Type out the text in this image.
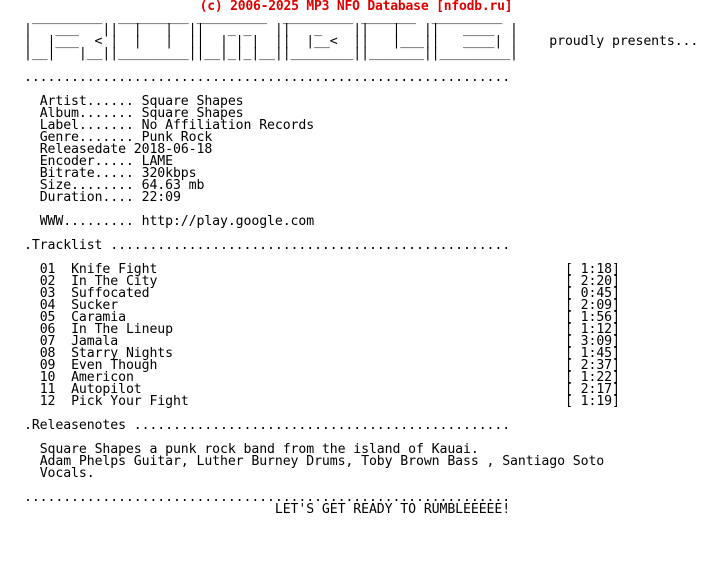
(c) 2006-2025 MP3 NFO Database [nfodb.ru]
_________  _________ _________  _________ _______  _________
|   ___   ||  |   |  ||   _ _   ||   _    ||   |   ||   ____  |
|  |___  < |  |   |  ||  | | |  ||  |__<  ||   |___||   ____| | proudly presents...
|__|   |__||_________||__|_|_|__||________||_______||_________|

..............................................................

Artist...... Square Shapes
Album....... Square Shapes
Label....... No Affiliation Records
Genre....... Punk Rock
Releasedate 2018-06-18
Encoder..... LAME
Bitrate..... 320kbps
Size........ 64.63 mb
Duration.... 22:09

WWW......... http://play.google.com

.Tracklist ...................................................

01 Knife Fight	[ 1:18]
02 In The City	[ 2:20]
03 Suffocated	[ 0:45]
04 Sucker	[ 2:09]
05 Caramia	[ 1:56]
06 In The Lineup	[ 1:12]
07 Jamala	[ 3:09]
08 Starry Nights	[ 1:45]
09 Even Though	[ 2:37]
10 Americon	[ 1:22]
11 Autopilot	[ 2:17]
12 Pick Your Fight	[ 1:19]

.Releasenotes ................................................

Square Shapes a punk rock band from the island of Kauai.
Adam Phelps Guitar, Luther Burney Drums, Toby Brown Bass , Santiago Soto
Vocals.

..............................................................
LET'S GET READY TO RUMBLEEEEE!
